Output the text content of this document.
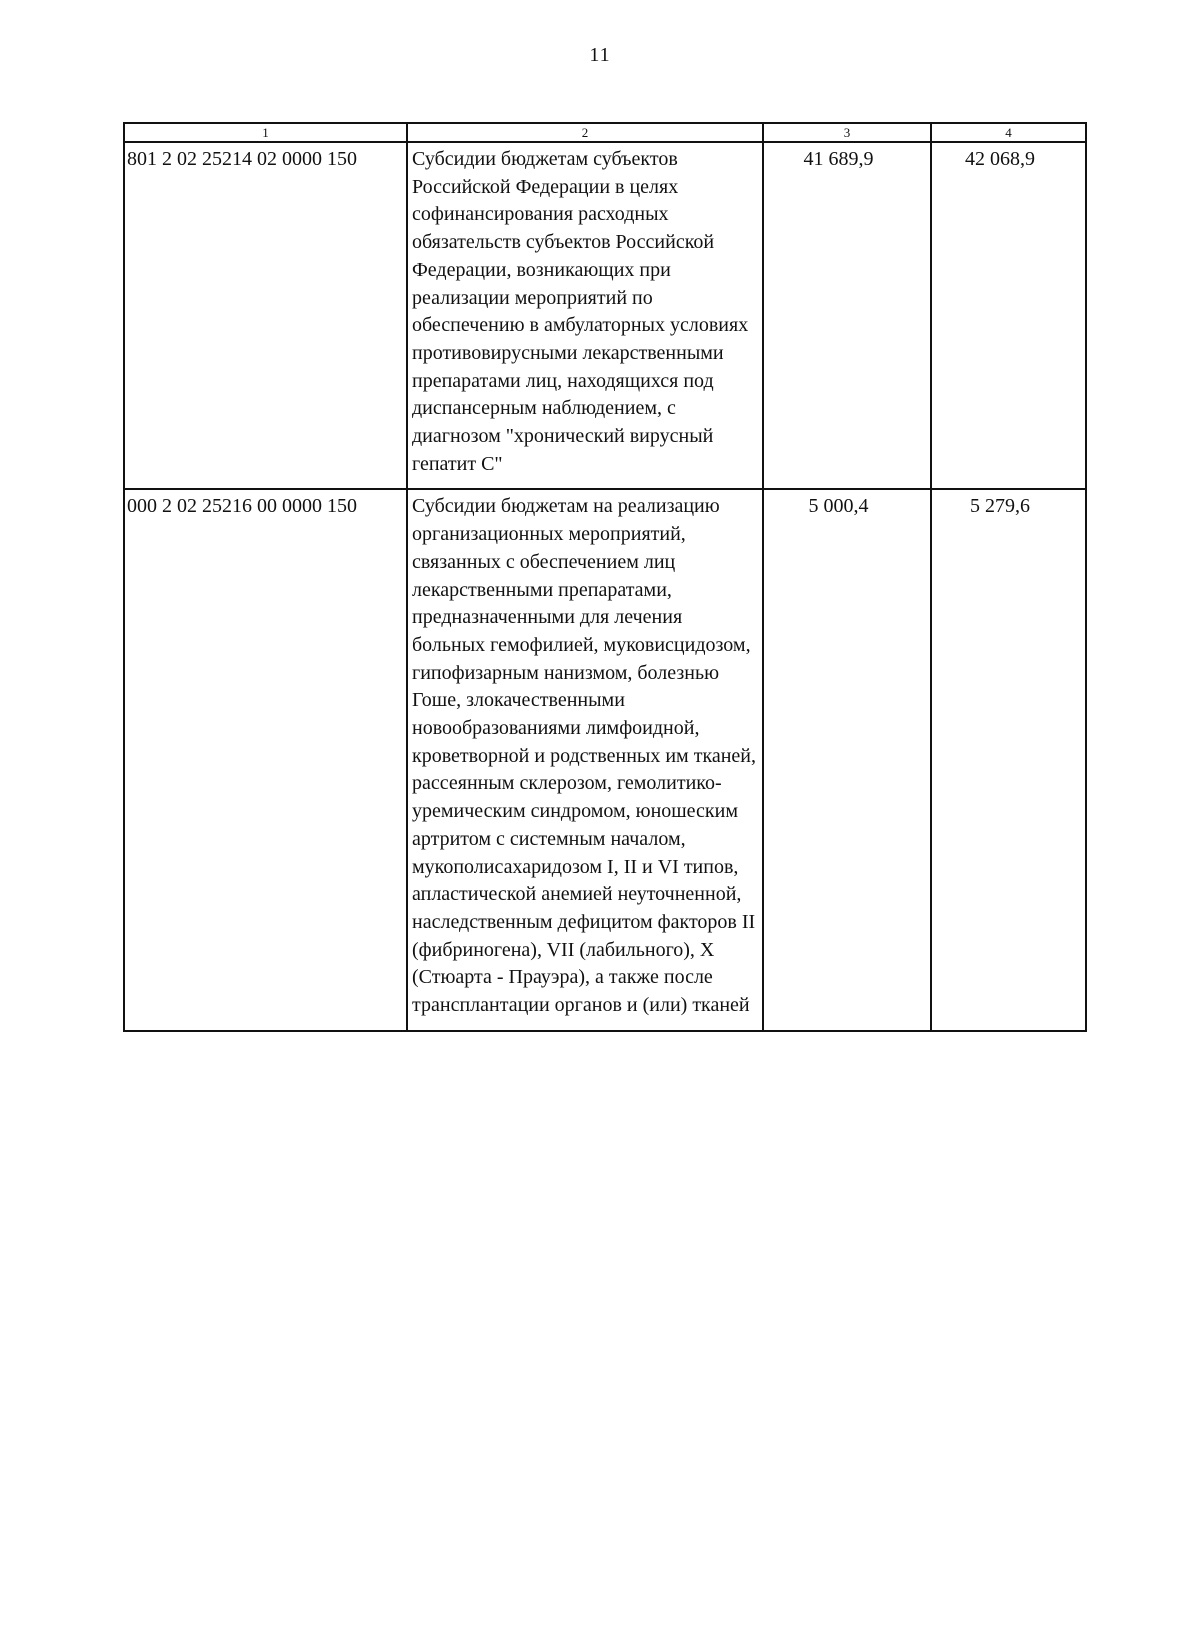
11
1	2	3	4
801 2 02 25214 02 0000 150	Субсидии бюджетам субъектов Российской Федерации в целях софинансирования расходных обязательств субъектов Российской Федерации, возникающих при реализации мероприятий по обеспечению в амбулаторных условиях противовирусными лекарственными препаратами лиц, находящихся под диспансерным наблюдением, с диагнозом "хронический вирусный гепатит С"	41 689,9	42 068,9
000 2 02 25216 00 0000 150	Субсидии бюджетам на реализацию организационных мероприятий, связанных с обеспечением лиц лекарственными препаратами, предназначенными для лечения больных гемофилией, муковисцидозом, гипофизарным нанизмом, болезнью Гоше, злокачественными новообразованиями лимфоидной, кроветворной и родственных им тканей, рассеянным склерозом, гемолитико-уремическим синдромом, юношеским артритом с системным началом, мукополисахаридозом I, II и VI типов, апластической анемией неуточненной, наследственным дефицитом факторов II (фибриногена), VII (лабильного), X (Стюарта - Прауэра), а также после трансплантации органов и (или) тканей	5 000,4	5 279,6
